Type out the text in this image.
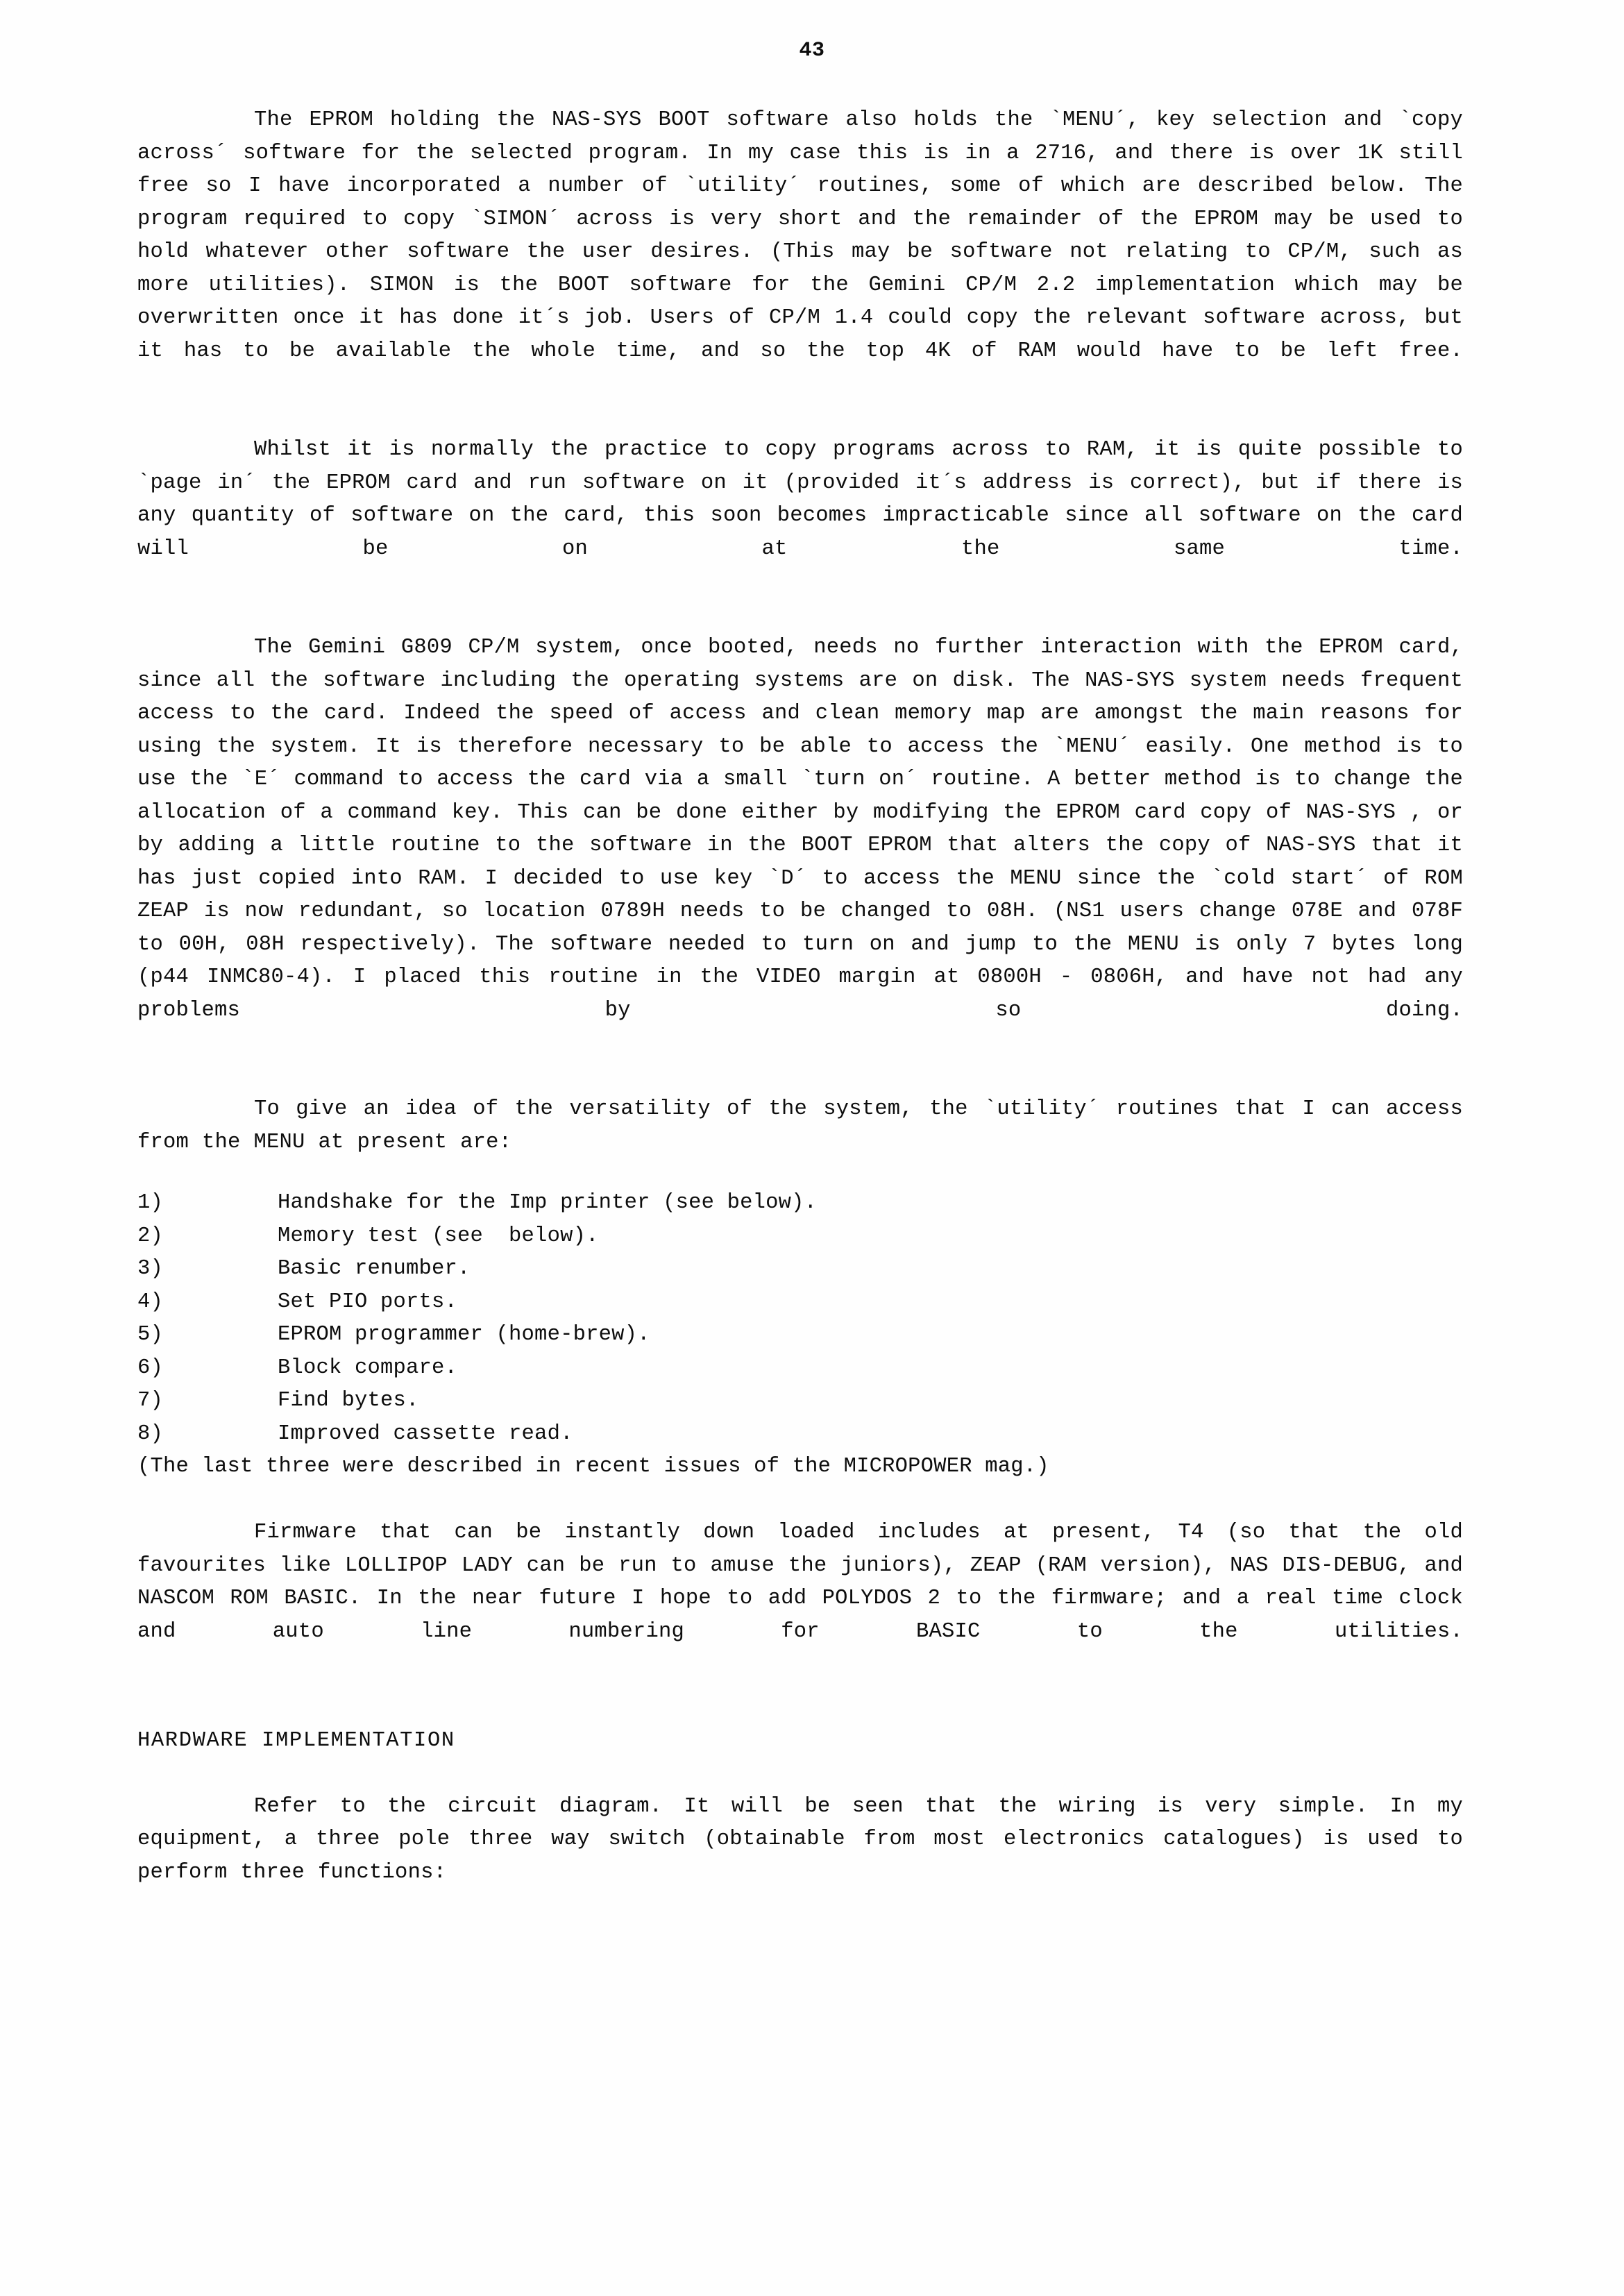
43

The EPROM holding the NAS-SYS BOOT software also holds the `MENU´, key selection and `copy across´ software for the selected program. In my case this is in a 2716, and there is over 1K still free so I have incorporated a number of `utility´ routines, some of which are described below. The program required to copy `SIMON´ across is very short and the remainder of the EPROM may be used to hold whatever other software the user desires. (This may be software not relating to CP/M, such as more utilities). SIMON is the BOOT software for the Gemini CP/M 2.2 implementation which may be overwritten once it has done it´s job. Users of CP/M 1.4 could copy the relevant software across, but it has to be available the whole time, and so the top 4K of RAM would have to be left free.

Whilst it is normally the practice to copy programs across to RAM, it is quite possible to `page in´ the EPROM card and run software on it (provided it´s address is correct), but if there is any quantity of software on the card, this soon becomes impracticable since all software on the card will be on at the same time.

The Gemini G809 CP/M system, once booted, needs no further interaction with the EPROM card, since all the software including the operating systems are on disk. The NAS-SYS system needs frequent access to the card. Indeed the speed of access and clean memory map are amongst the main reasons for using the system. It is therefore necessary to be able to access the `MENU´ easily. One method is to use the `E´ command to access the card via a small `turn on´ routine. A better method is to change the allocation of a command key. This can be done either by modifying the EPROM card copy of NAS-SYS , or by adding a little routine to the software in the BOOT EPROM that alters the copy of NAS-SYS that it has just copied into RAM. I decided to use key `D´ to access the MENU since the `cold start´ of ROM ZEAP is now redundant, so location 0789H needs to be changed to 08H. (NS1 users change 078E and 078F to 00H, 08H respectively). The software needed to turn on and jump to the MENU is only 7 bytes long (p44 INMC80-4). I placed this routine in the VIDEO margin at 0800H - 0806H, and have not had any problems by so doing.

To give an idea of the versatility of the system, the `utility´ routines that I can access from the MENU at present are:

1)	Handshake for the Imp printer (see below).
2)	Memory test (see  below).
3)	Basic renumber.
4)	Set PIO ports.
5)	EPROM programmer (home-brew).
6)	Block compare.
7)	Find bytes.
8)	Improved cassette read.
(The last three were described in recent issues of the MICROPOWER mag.)

Firmware that can be instantly down loaded includes at present, T4 (so that the old favourites like LOLLIPOP LADY can be run to amuse the juniors), ZEAP (RAM version), NAS DIS-DEBUG, and NASCOM ROM BASIC. In the near future I hope to add POLYDOS 2 to the firmware; and a real time clock and auto line numbering for BASIC to the utilities.

HARDWARE IMPLEMENTATION

Refer to the circuit diagram. It will be seen that the wiring is very simple. In my equipment, a three pole three way switch (obtainable from most electronics catalogues) is used to perform three functions:
